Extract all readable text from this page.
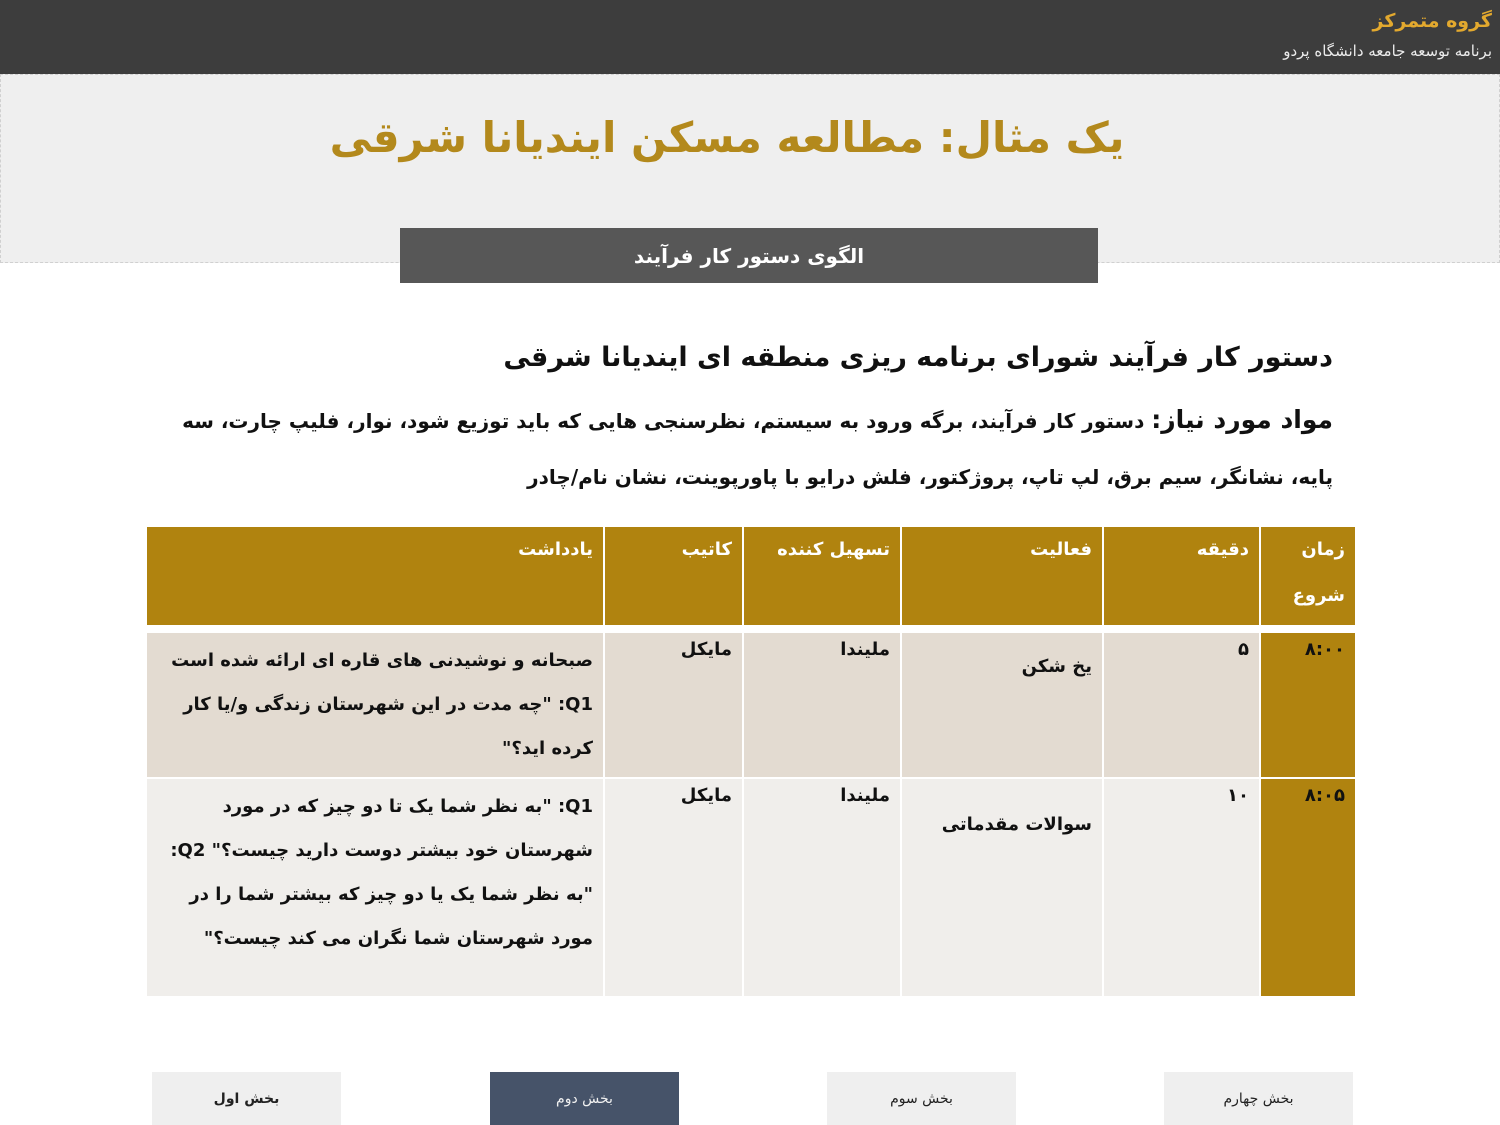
گروه متمرکز
برنامه توسعه جامعه دانشگاه پردو
یک مثال: مطالعه مسکن ایندیانا شرقی
الگوی دستور کار فرآیند
دستور کار فرآیند شورای برنامه ریزی منطقه ای ایندیانا شرقی
مواد مورد نیاز: دستور کار فرآیند، برگه ورود به سیستم، نظرسنجی هایی که باید توزیع شود، نوار، فلیپ چارت، سه پایه، نشانگر، سیم برق، لپ تاپ، پروژکتور، فلش درایو با پاورپوینت، نشان نام/چادر
زمان شروع	دقیقه	فعالیت	تسهیل کننده	کاتیب	یادداشت
۸:۰۰	۵	یخ شکن	ملیندا	مایکل	صبحانه و نوشیدنی های قاره ای ارائه شده است Q1: "چه مدت در این شهرستان زندگی و/یا کار کرده اید؟"
۸:۰۵	۱۰	سوالات مقدماتی	ملیندا	مایکل	Q1: "به نظر شما یک تا دو چیز که در مورد شهرستان خود بیشتر دوست دارید چیست؟" Q2: "به نظر شما یک یا دو چیز که بیشتر شما را در مورد شهرستان شما نگران می کند چیست؟"
بخش اول	بخش دوم	بخش سوم	بخش چهارم
